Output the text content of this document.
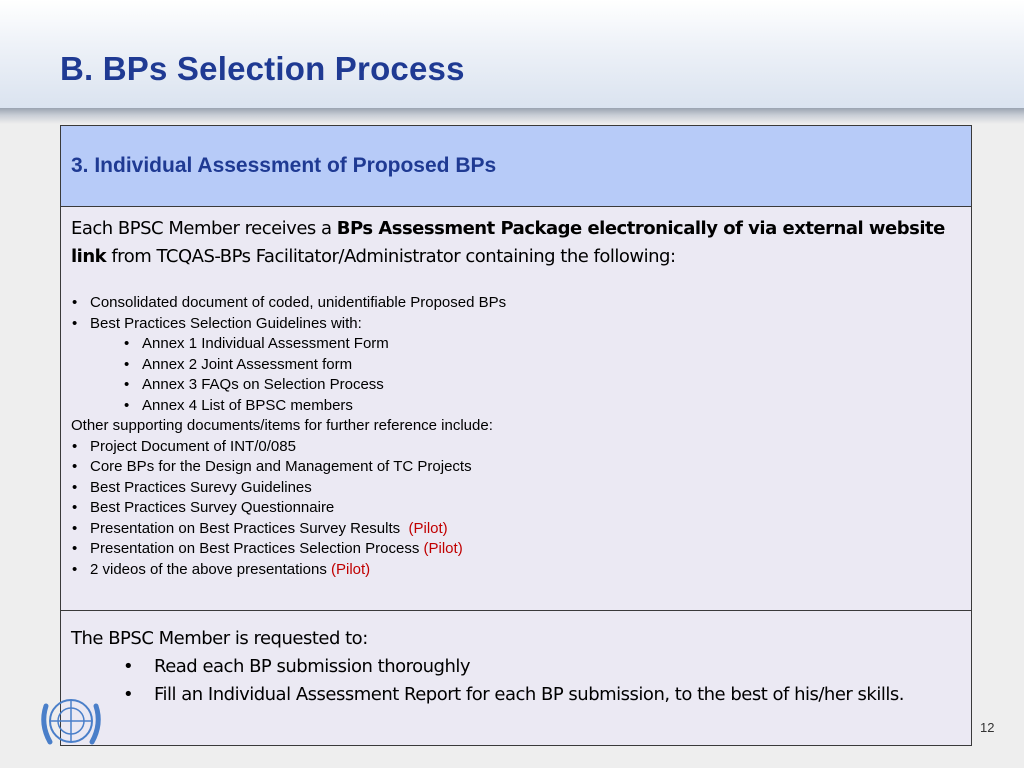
B. BPs Selection Process
3. Individual Assessment of Proposed BPs

Each BPSC Member receives a BPs Assessment Package electronically of via external website link from TCQAS-BPs Facilitator/Administrator containing the following:

• Consolidated document of coded, unidentifiable Proposed BPs
• Best Practices Selection Guidelines with:
• Annex 1 Individual Assessment Form
• Annex 2 Joint Assessment form
• Annex 3 FAQs on Selection Process
• Annex 4 List of BPSC members
Other supporting documents/items for further reference include:
• Project Document of INT/0/085
• Core BPs for the Design and Management of TC Projects
• Best Practices Surevy Guidelines
• Best Practices Survey Questionnaire
• Presentation on Best Practices Survey Results  (Pilot)
• Presentation on Best Practices Selection Process (Pilot)
• 2 videos of the above presentations (Pilot)

The BPSC Member is requested to:

• Read each BP submission thoroughly
• Fill an Individual Assessment Report for each BP submission, to the best of his/her skills.
12
